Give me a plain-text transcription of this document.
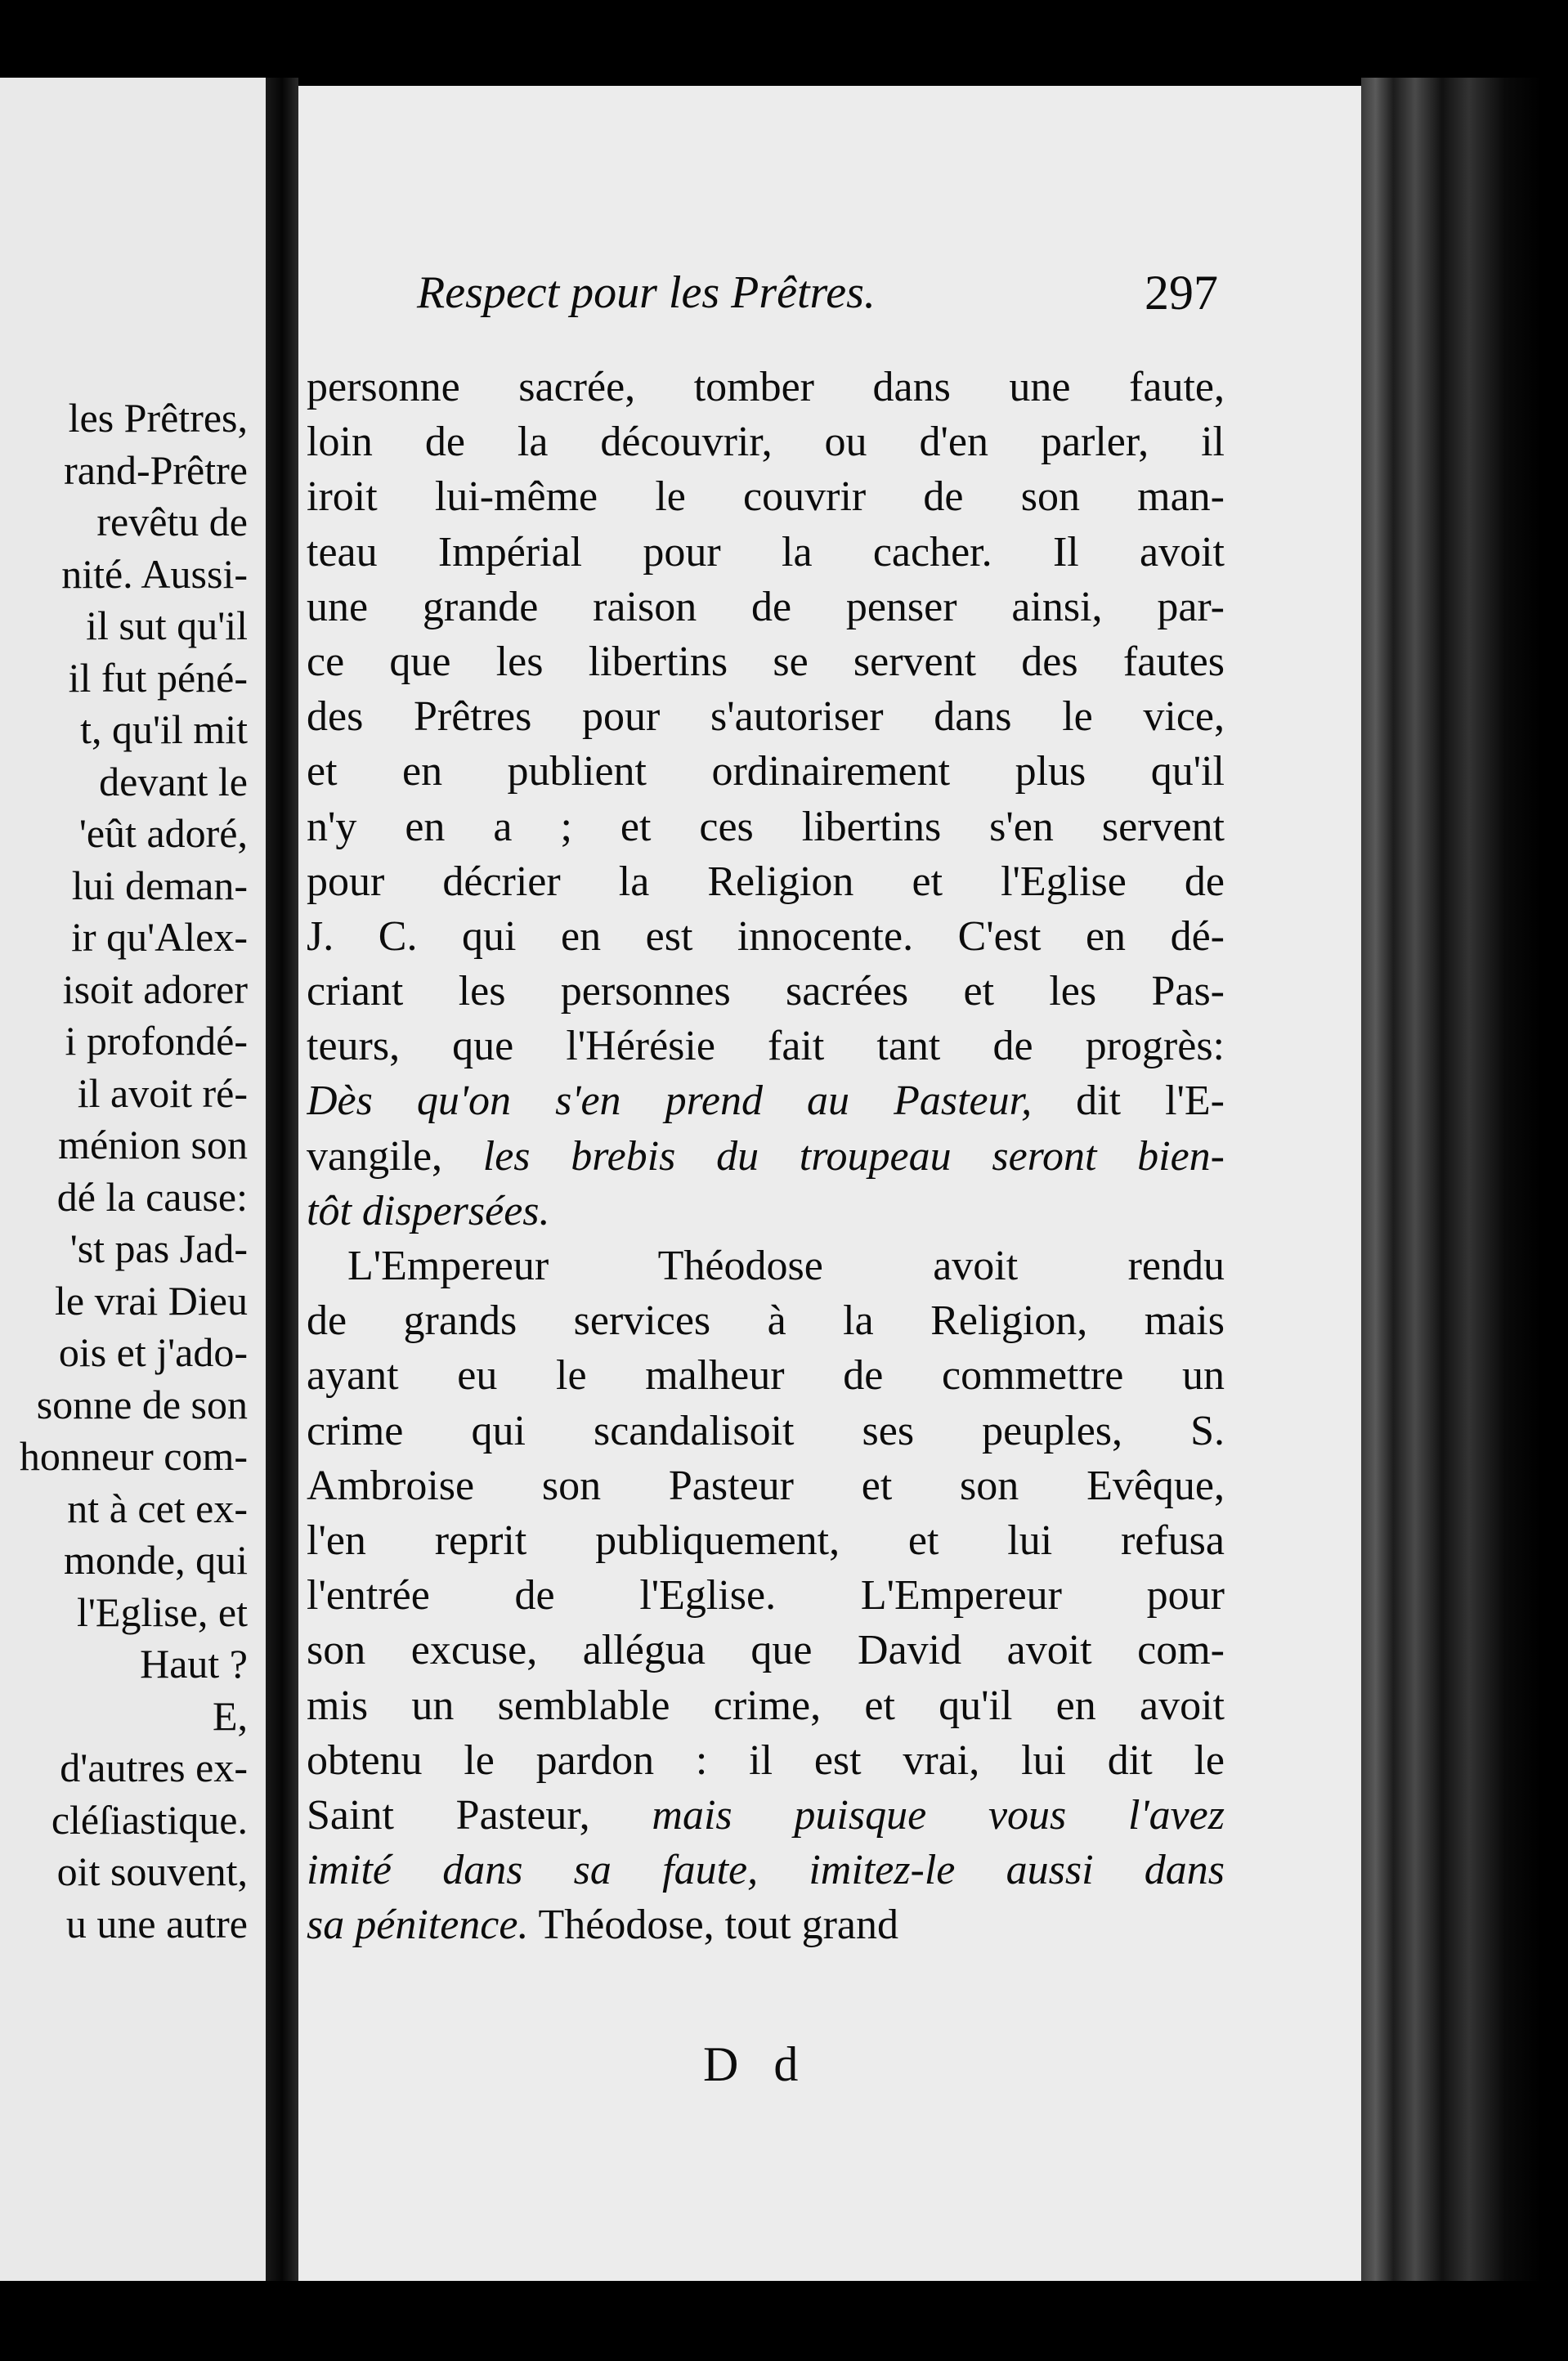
les Prêtres,
rand-Prêtre
revêtu de
nité. Aussi-
il sut qu'il
il fut péné-
t, qu'il mit
devant le
'eût adoré,
lui deman-
ir qu'Alex-
isoit adorer
i profondé-
il avoit ré-
ménion son
dé la cause:
'st pas Jad-
le vrai Dieu
ois et j'ado-
sonne de son
honneur com-
nt à cet ex-
monde, qui
l'Eglise, et
Haut ?
E,
d'autres ex-
cléſiastique.
oit souvent,
u une autre
Respect pour les Prêtres.	297
personne sacrée, tomber dans une faute,
loin de la découvrir, ou d'en parler, il
iroit lui-même le couvrir de son man-
teau Impérial pour la cacher. Il avoit
une grande raison de penser ainsi, par-
ce que les libertins se servent des fautes
des Prêtres pour s'autoriser dans le vice,
et en publient ordinairement plus qu'il
n'y en a ; et ces libertins s'en servent
pour décrier la Religion et l'Eglise de
J. C. qui en est innocente. C'est en dé-
criant les personnes sacrées et les Pas-
teurs, que l'Hérésie fait tant de progrès:
Dès qu'on s'en prend au Pasteur, dit l'E-
vangile, les brebis du troupeau seront bien-
tôt dispersées.
L'Empereur Théodose avoit rendu
de grands services à la Religion, mais
ayant eu le malheur de commettre un
crime qui scandalisoit ses peuples, S.
Ambroise son Pasteur et son Evêque,
l'en reprit publiquement, et lui refusa
l'entrée de l'Eglise. L'Empereur pour
son excuse, allégua que David avoit com-
mis un semblable crime, et qu'il en avoit
obtenu le pardon : il est vrai, lui dit le
Saint Pasteur, mais puisque vous l'avez
imité dans sa faute, imitez-le aussi dans
sa pénitence. Théodose, tout grand
D d
